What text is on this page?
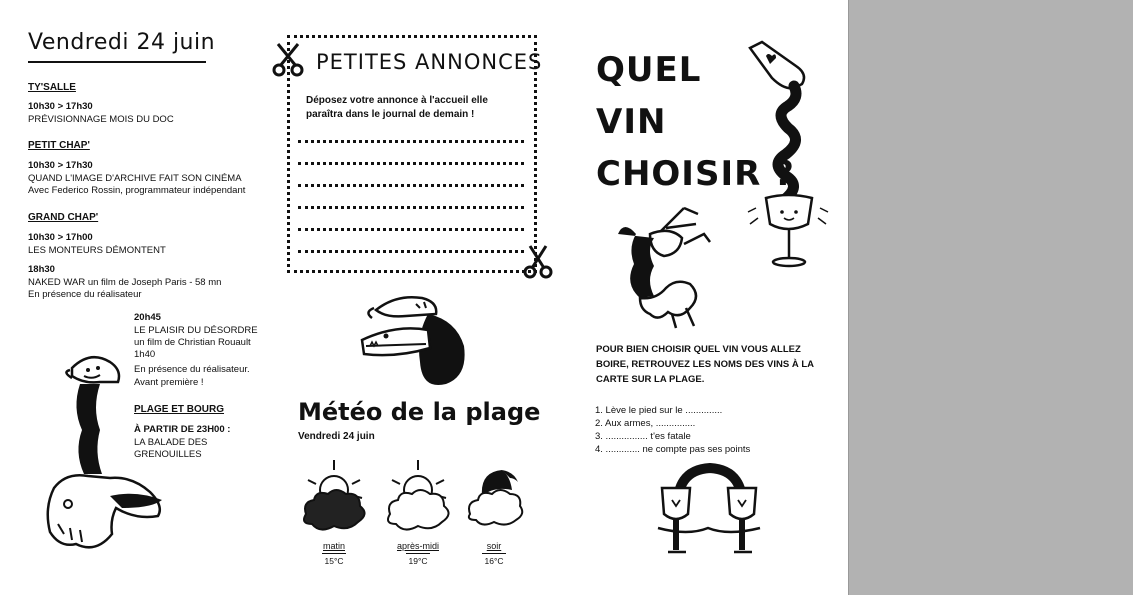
Vendredi 24 juin
TY'SALLE
10h30 > 17h30
PRÉVISIONNAGE MOIS DU DOC
PETIT CHAP'
10h30 > 17h30
QUAND L'IMAGE D'ARCHIVE FAIT SON CINÉMA
Avec Federico Rossin, programmateur indépendant
GRAND CHAP'
10h30 > 17h00
LES MONTEURS DÉMONTENT
18h30
NAKED WAR un film de Joseph Paris - 58 mn
En présence du réalisateur
20h45
LE PLAISIR DU DÉSORDRE
un film de Christian Rouault
1h40
En présence du réalisateur.
Avant première !
PLAGE ET BOURG
À PARTIR DE 23H00 :
LA BALADE DES
GRENOUILLES
PETITES ANNONCES
Déposez votre annonce à l'accueil elle
paraîtra dans le journal de demain !
Météo de la plage
Vendredi 24 juin
matin
15°C
après-midi
19°C
soir
16°C
QUEL
VIN
CHOISIR ?
POUR BIEN CHOISIR QUEL VIN VOUS ALLEZ
BOIRE, RETROUVEZ LES NOMS DES VINS À LA
CARTE SUR LA PLAGE.
1. Lève le pied sur le ..............
2. Aux armes, ...............
3. ................ t'es fatale
4. ............. ne compte pas ses points
